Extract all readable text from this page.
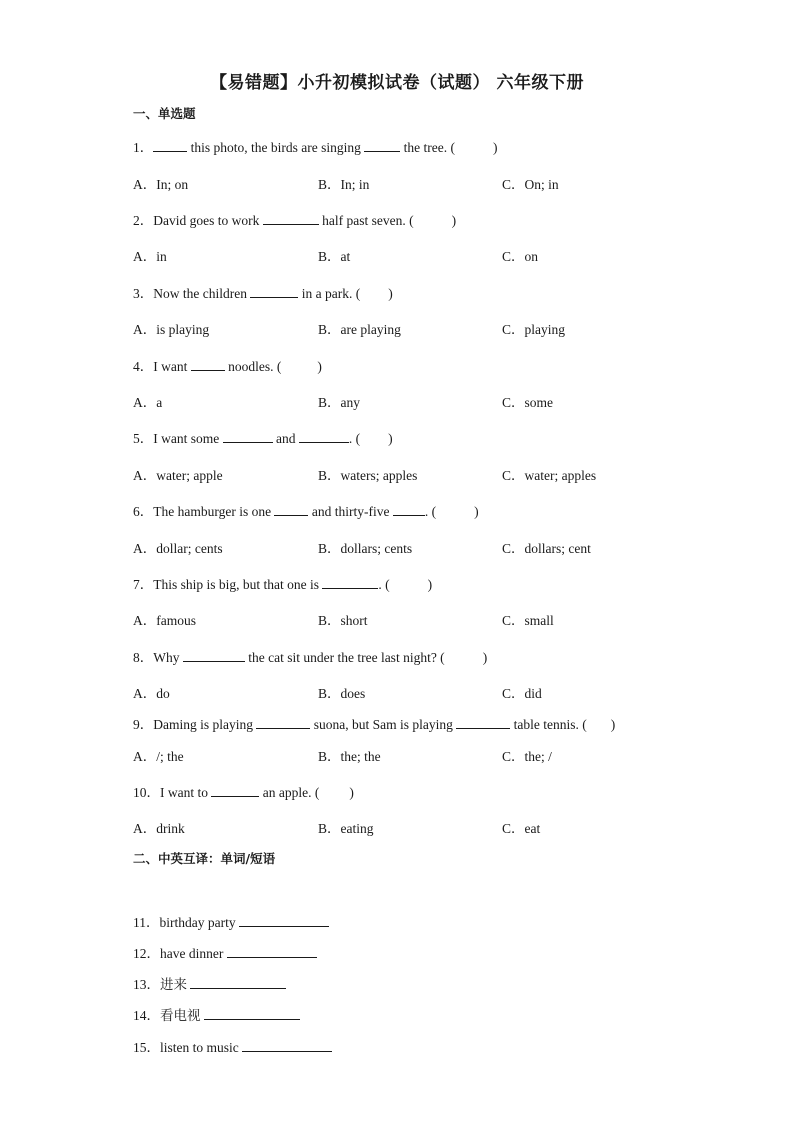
【易错题】小升初模拟试卷（试题） 六年级下册
一、单选题
1．	this photo, the birds are singing	the tree. (	)
A．In; on	B．In; in	C．On; in
2．David goes to work	half past seven. (	)
A．in	B．at	C．on
3．Now the children	in a park. ( )
A．is playing	B．are playing	C．playing
4．I want	noodles. (	)
A．a	B．any	C．some
5．I want some	and	. ( )
A．water; apple	B．waters; apples	C．water; apples
6．The hamburger is one	and thirty-five . (	)
A．dollar; cents	B．dollars; cents	C．dollars; cent
7．This ship is big, but that one is	. (	)
A．famous	B．short	C．small
8．Why	the cat sit under the tree last night? (	)
A．do	B．does	C．did
9．Daming is playing	suona, but Sam is playing	table tennis. ( )
A．/; the	B．the; the	C．the; /
10．I want to	an apple. ( )
A．drink	B．eating	C．eat
二、中英互译：单词/短语
11．birthday party
12．have dinner
13．进来
14．看电视
15．listen to music
